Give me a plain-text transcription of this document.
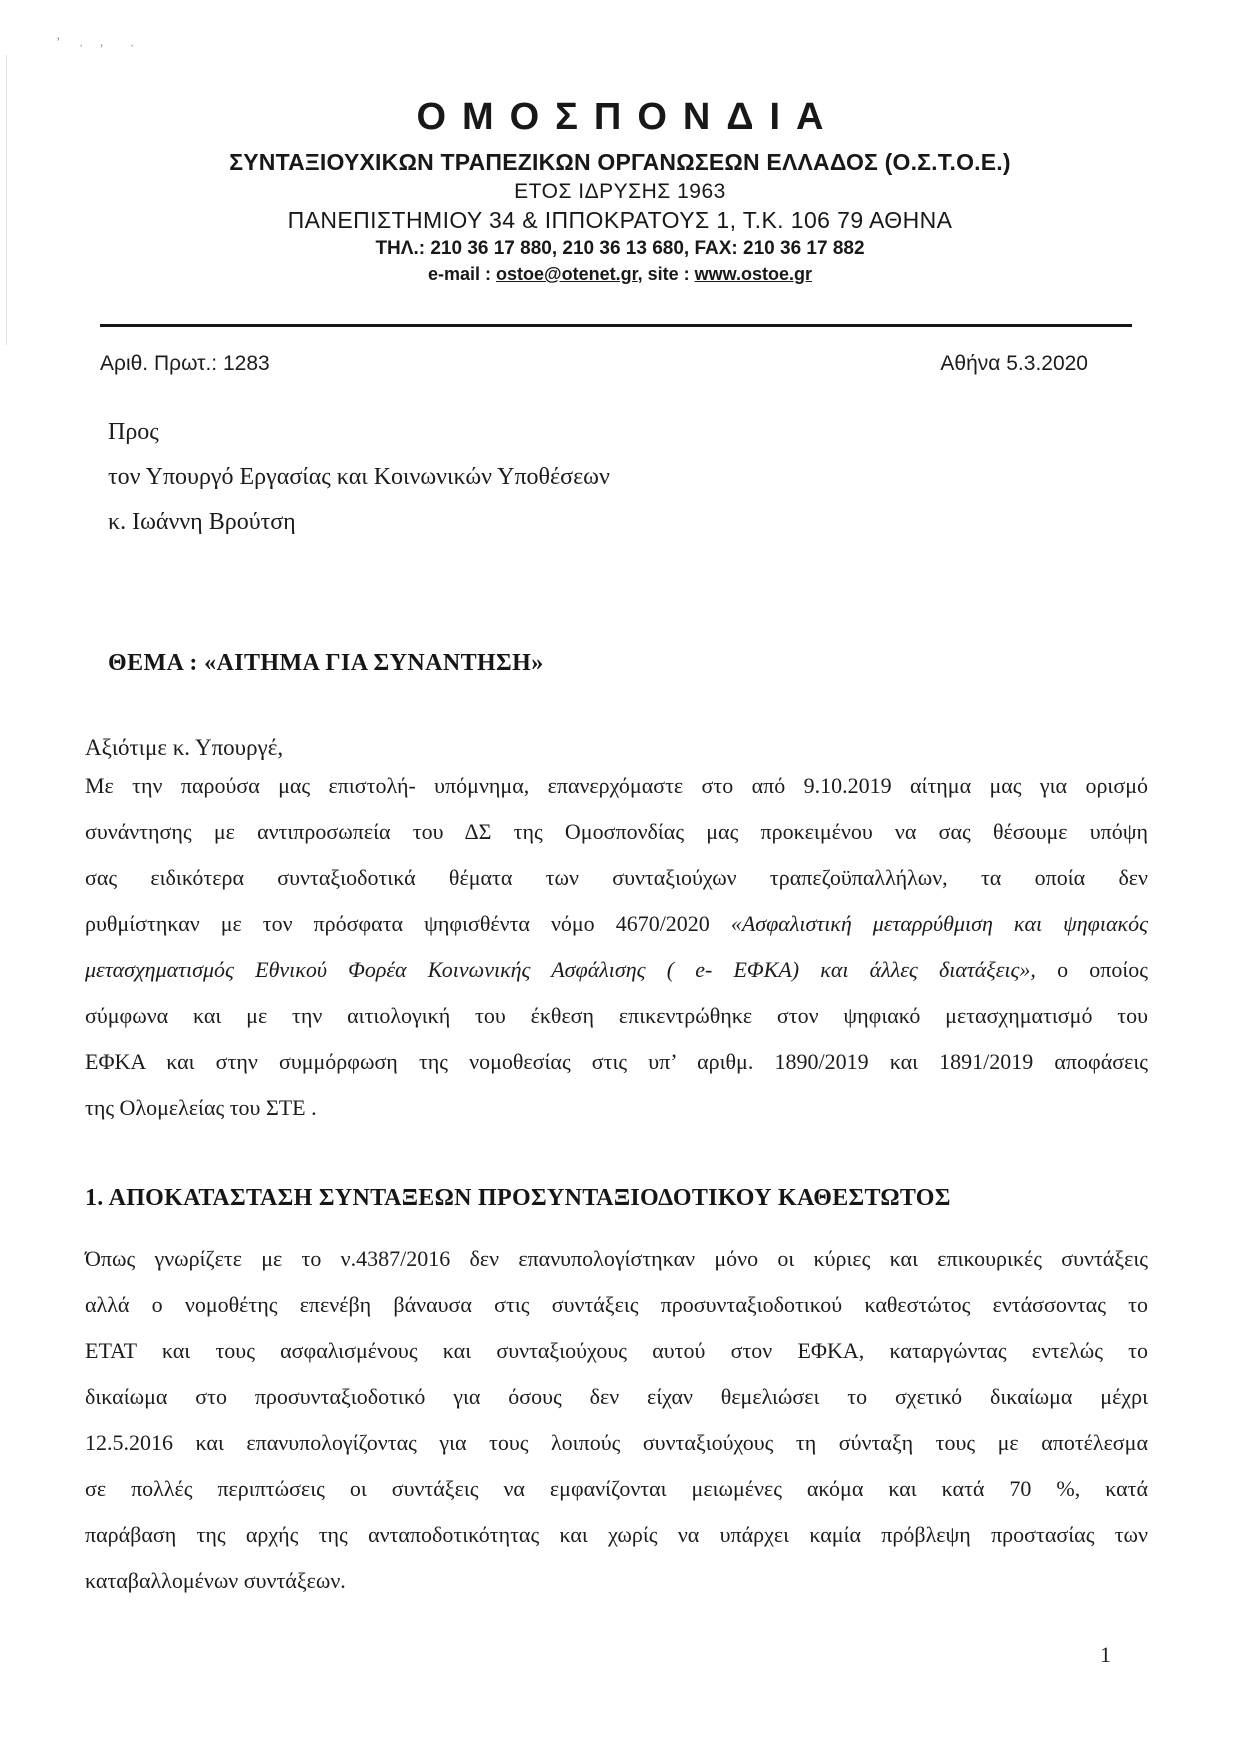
’ · , ·
ΟΜΟΣΠΟΝΔΙΑ
ΣΥΝΤΑΞΙΟΥΧΙΚΩΝ ΤΡΑΠΕΖΙΚΩΝ ΟΡΓΑΝΩΣΕΩΝ ΕΛΛΑΔΟΣ (Ο.Σ.Τ.Ο.Ε.)
ΕΤΟΣ ΙΔΡΥΣΗΣ 1963
ΠΑΝΕΠΙΣΤΗΜΙΟΥ 34 & ΙΠΠΟΚΡΑΤΟΥΣ 1, Τ.Κ. 106 79 ΑΘΗΝΑ
ΤΗΛ.: 210 36 17 880, 210 36 13 680, FAX: 210 36 17 882
e-mail : ostoe@otenet.gr, site : www.ostoe.gr
Αριθ. Πρωτ.: 1283	Αθήνα 5.3.2020
Προς
τον Υπουργό Εργασίας και Κοινωνικών Υποθέσεων
κ. Ιωάννη Βρούτση
ΘΕΜΑ : «ΑΙΤΗΜΑ ΓΙΑ ΣΥΝΑΝΤΗΣΗ»
Αξιότιμε κ. Υπουργέ,
Με την παρούσα μας επιστολή- υπόμνημα, επανερχόμαστε στο από 9.10.2019 αίτημα μας για ορισμό
συνάντησης με αντιπροσωπεία του ΔΣ της Ομοσπονδίας μας προκειμένου να σας θέσουμε υπόψη
σας ειδικότερα συνταξιοδοτικά θέματα των συνταξιούχων τραπεζοϋπαλλήλων, τα οποία δεν
ρυθμίστηκαν με τον πρόσφατα ψηφισθέντα νόμο 4670/2020 «Ασφαλιστική μεταρρύθμιση και ψηφιακός
μετασχηματισμός Εθνικού Φορέα Κοινωνικής Ασφάλισης ( e- ΕΦΚΑ) και άλλες διατάξεις», ο οποίος
σύμφωνα και με την αιτιολογική του έκθεση επικεντρώθηκε στον ψηφιακό μετασχηματισμό του
ΕΦΚΑ και στην συμμόρφωση της νομοθεσίας στις υπ’ αριθμ. 1890/2019 και 1891/2019 αποφάσεις
της Ολομελείας του ΣΤΕ .
1. ΑΠΟΚΑΤΑΣΤΑΣΗ ΣΥΝΤΑΞΕΩΝ ΠΡΟΣΥΝΤΑΞΙΟΔΟΤΙΚΟΥ ΚΑΘΕΣΤΩΤΟΣ
Όπως γνωρίζετε με το ν.4387/2016 δεν επανυπολογίστηκαν μόνο οι κύριες και επικουρικές συντάξεις
αλλά ο νομοθέτης επενέβη βάναυσα στις συντάξεις προσυνταξιοδοτικού καθεστώτος εντάσσοντας το
ΕΤΑΤ και τους ασφαλισμένους και συνταξιούχους αυτού στον ΕΦΚΑ, καταργώντας εντελώς το
δικαίωμα στο προσυνταξιοδοτικό για όσους δεν είχαν θεμελιώσει το σχετικό δικαίωμα μέχρι
12.5.2016 και επανυπολογίζοντας για τους λοιπούς συνταξιούχους τη σύνταξη τους με αποτέλεσμα
σε πολλές περιπτώσεις οι συντάξεις να εμφανίζονται μειωμένες ακόμα και κατά 70 %, κατά
παράβαση της αρχής της ανταποδοτικότητας και χωρίς να υπάρχει καμία πρόβλεψη προστασίας των
καταβαλλομένων συντάξεων.
1
